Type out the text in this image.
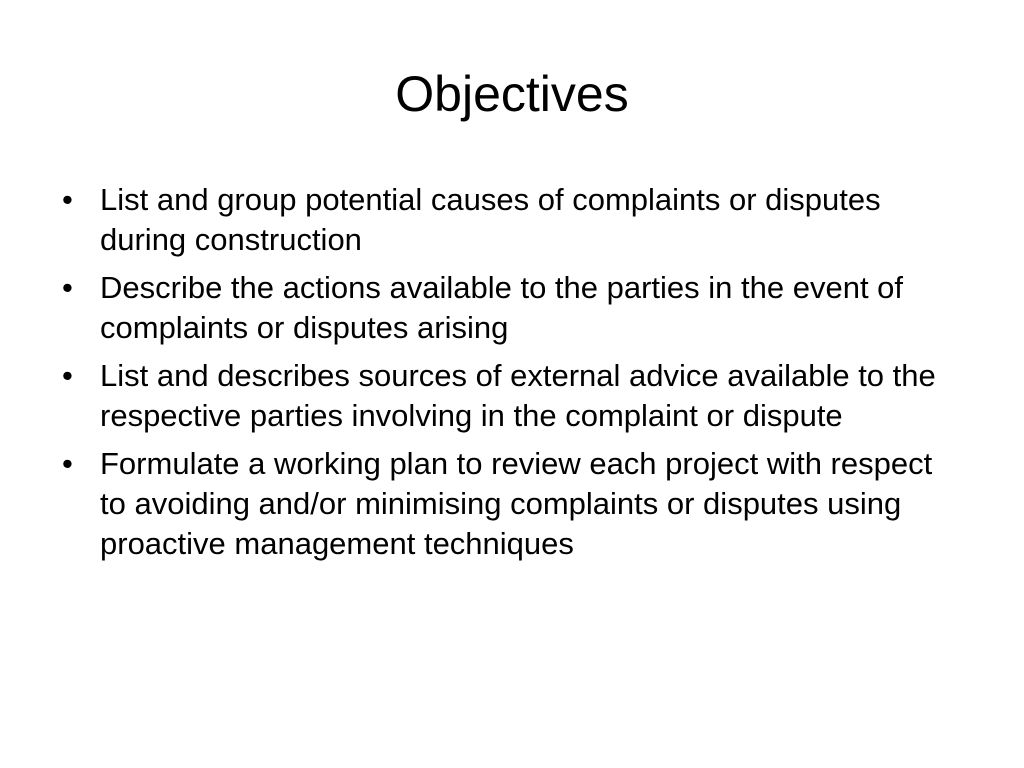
Objectives
• List and group potential causes of complaints or disputes during construction
• Describe the actions available to the parties in the event of complaints or disputes arising
• List and describes sources of external advice available to the respective parties involving in the complaint or dispute
• Formulate a working plan to review each project with respect to avoiding and/or minimising complaints or disputes using proactive management techniques
